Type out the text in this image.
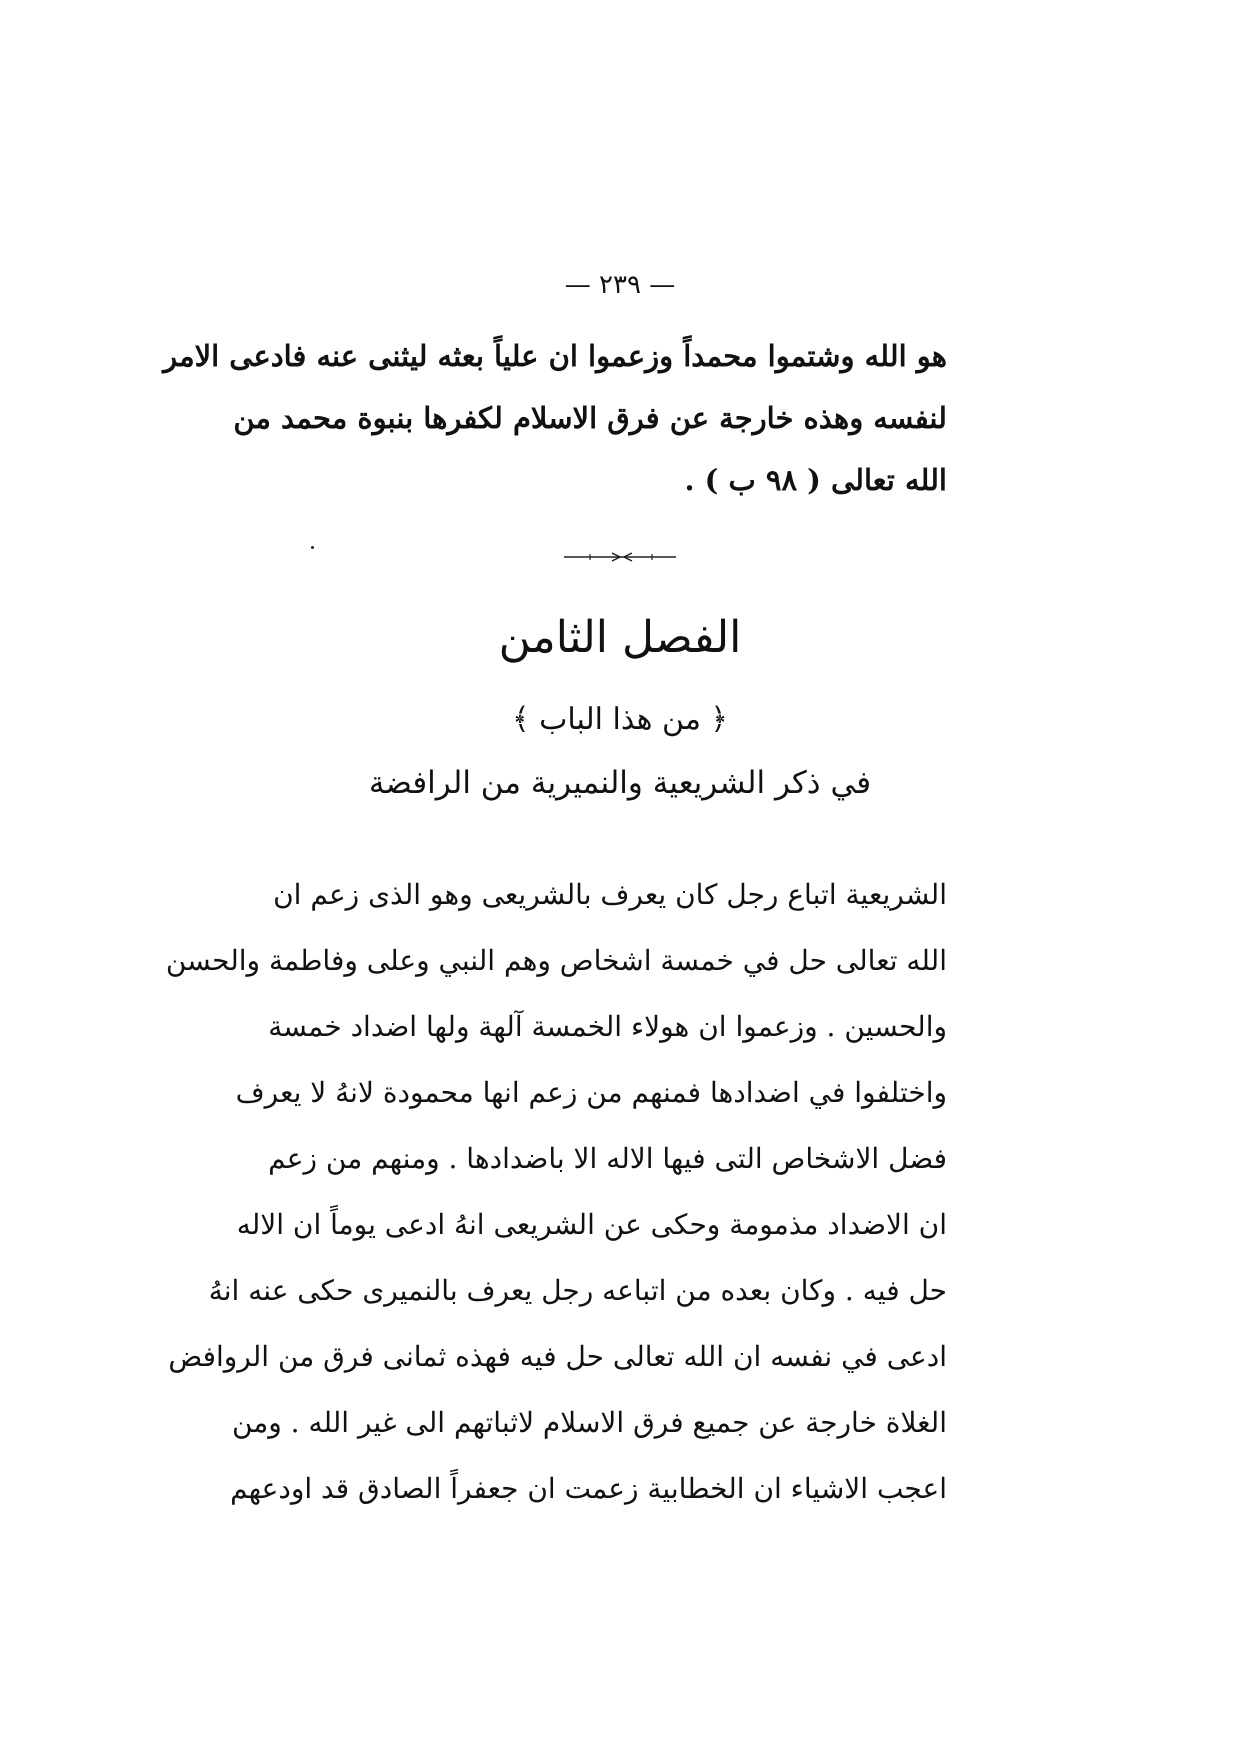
— ٢٣٩ —
هو الله وشتموا محمداً وزعموا ان علياً بعثه ليثنى عنه فادعى الامر
لنفسه وهذه خارجة عن فرق الاسلام لكفرها بنبوة محمد من
الله تعالى ( ٩٨ ب ) .
الفصل الثامن
﴿ من هذا الباب ﴾
في ذكر الشريعية والنميرية من الرافضة
الشريعية اتباع رجل كان يعرف بالشريعى وهو الذى زعم ان
الله تعالى حل في خمسة اشخاص وهم النبي وعلى وفاطمة والحسن
والحسين . وزعموا ان هولاء الخمسة آلهة ولها اضداد خمسة
واختلفوا في اضدادها فمنهم من زعم انها محمودة لانهُ لا يعرف
فضل الاشخاص التى فيها الاله الا باضدادها . ومنهم من زعم
ان الاضداد مذمومة وحكى عن الشريعى انهُ ادعى يوماً ان الاله
حل فيه . وكان بعده من اتباعه رجل يعرف بالنميرى حكى عنه انهُ
ادعى في نفسه ان الله تعالى حل فيه فهذه ثمانى فرق من الروافض
الغلاة خارجة عن جميع فرق الاسلام لاثباتهم الى غير الله . ومن
اعجب الاشياء ان الخطابية زعمت ان جعفراً الصادق قد اودعهم
